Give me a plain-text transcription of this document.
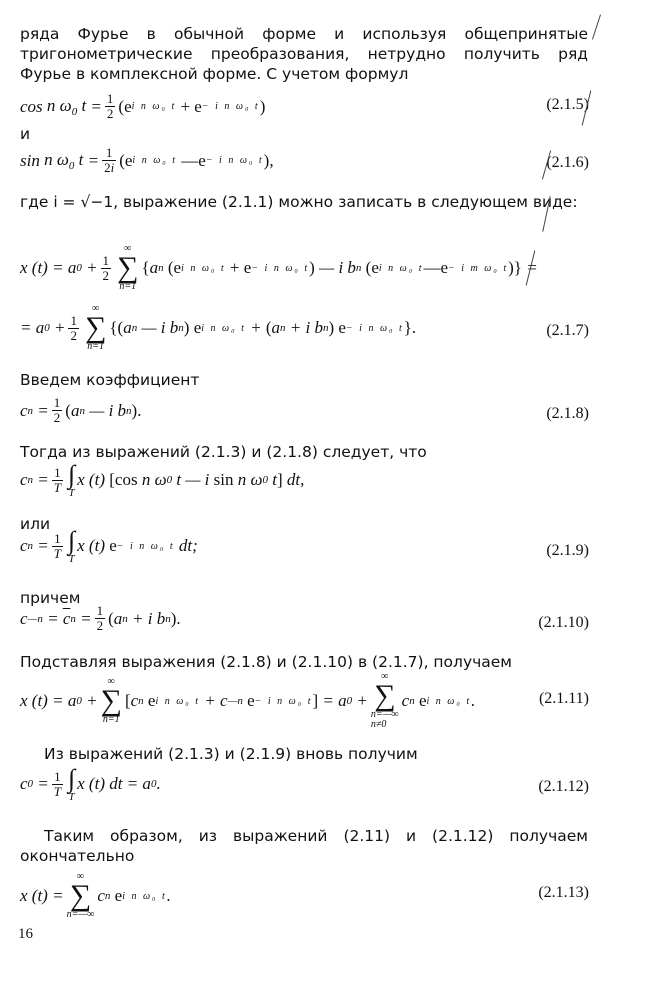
ряда Фурье в обычной форме и используя общепринятые тригонометрические преобразования, нетрудно получить ряд Фурье в комплексной форме. С учетом формул
cos n $\omega_0$ $t = \frac{1}{2} (e$ i n ω₀ t + e − i n ω₀ t )	(2.1.5)
и
sin n $\omega_0$ $t = \frac{1}{2i} (e$ i n ω₀ t —e − i n ω₀ t ),	(2.1.6)
где i = √−1, выражение (2.1.1) можно записать в следующем виде:
x (t) = a $0 + \frac{1}{2}$
∞
∑
n=1
{ a n
(e i n ω₀ t + e − i n ω₀ t ) — i b n
(e i n ω₀ t —e − i m ω₀ t )} =
= a $0 + \frac{1}{2}$
∞
∑
n=1
{( a n — i b n ) e i n ω₀ t + ( a n + i b n ) e − i n ω₀ t }.	(2.1.7)
Введем коэффициент
c $n = \frac{1}{2}$ ( a n — i b n ).	(2.1.8)
Тогда из выражений (2.1.3) и (2.1.8) следует, что
c $n = \frac{1}{T}$ ∫
T
x (t) [cos n ω 0 t — i sin n ω 0 t ] dt,
или
c $n = \frac{1}{T}$ ∫
T
x (t) e − i n ω₀ t dt;	(2.1.9)
причем
c —n = $\overline{c}$ $n = \frac{1}{2}$ ( a n + i b n ).	(2.1.10)
Подставляя выражения (2.1.8) и (2.1.10) в (2.1.7), получаем
x (t) = a 0 +
∞
∑
n=1
[ c n
e i n ω₀ t + c —n
e − i n ω₀ t ] = a 0 +
∞
∑
n=—∞
n≠0
c n
e i n ω₀ t .	(2.1.11)
Из выражений (2.1.3) и (2.1.9) вновь получим
c $0 = \frac{1}{T}$ ∫
T
x (t) dt = a 0 .	(2.1.12)
Таким образом, из выражений (2.11) и (2.1.12) получаем окончательно
x (t) =
∞
∑
n=—∞
c n
e i n ω₀ t .	(2.1.13)
16
